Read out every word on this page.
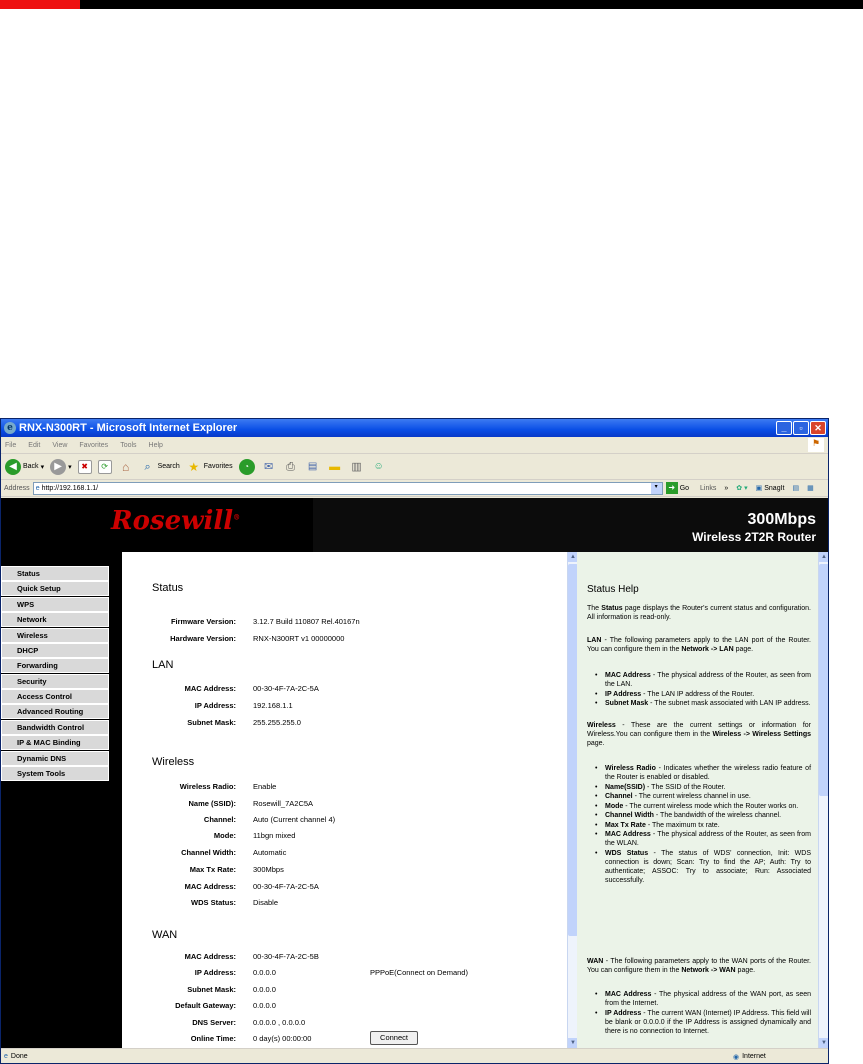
e RNX-N300RT - Microsoft Internet Explorer	_	▫	✕
File Edit View Favorites Tools Help	⚑
◀ Back ▾	▶ ▾	✖	⟳	⌂	⌕ Search ★ Favorites	◔	✉	⎙	▤ ▬ ▥ ☺
Address e http://192.168.1.1/	▾	➜ Go Links » ✿ ▾ ▣ SnagIt ▤ ▦
Rosewill®	300Mbps
Wireless 2T2R Router
Status
Quick Setup
WPS
Network
Wireless
DHCP
Forwarding
Security
Access Control
Advanced Routing
Bandwidth Control
IP & MAC Binding
Dynamic DNS
System Tools
Status
Firmware Version: 3.12.7 Build 110807 Rel.40167n
Hardware Version: RNX-N300RT v1 00000000
LAN
MAC Address: 00-30-4F-7A-2C-5A
IP Address: 192.168.1.1
Subnet Mask: 255.255.255.0
Wireless
Wireless Radio: Enable
Name (SSID): Rosewill_7A2C5A
Channel: Auto (Current channel 4)
Mode: 11bgn mixed
Channel Width: Automatic
Max Tx Rate: 300Mbps
MAC Address: 00-30-4F-7A-2C-5A
WDS Status: Disable
WAN
MAC Address: 00-30-4F-7A-2C-5B
IP Address: 0.0.0.0	PPPoE(Connect on Demand)
Subnet Mask: 0.0.0.0
Default Gateway: 0.0.0.0
DNS Server: 0.0.0.0 , 0.0.0.0
Online Time: 0 day(s) 00:00:00	Connect
▲
▼
Status Help

The Status page displays the Router's current status and configuration. All information is read-only.

LAN - The following parameters apply to the LAN port of the Router. You can configure them in the Network -> LAN page.

• MAC Address - The physical address of the Router, as seen from the LAN.
• IP Address - The LAN IP address of the Router.
• Subnet Mask - The subnet mask associated with LAN IP address.

Wireless - These are the current settings or information for Wireless.You can configure them in the Wireless -> Wireless Settings page.

• Wireless Radio - Indicates whether the wireless radio feature of the Router is enabled or disabled.
• Name(SSID) - The SSID of the Router.
• Channel - The current wireless channel in use.
• Mode - The current wireless mode which the Router works on.
• Channel Width - The bandwidth of the wireless channel.
• Max Tx Rate - The maximum tx rate.
• MAC Address - The physical address of the Router, as seen from the WLAN.
• WDS Status - The status of WDS' connection, Init: WDS connection is down; Scan: Try to find the AP; Auth: Try to authenticate; ASSOC: Try to associate; Run: Associated successfully.

WAN - The following parameters apply to the WAN ports of the Router. You can configure them in the Network -> WAN page.

• MAC Address - The physical address of the WAN port, as seen from the Internet.
• IP Address - The current WAN (Internet) IP Address. This field will be blank or 0.0.0.0 if the IP Address is assigned dynamically and there is no connection to Internet.
▲
▼
e Done	◉ Internet
